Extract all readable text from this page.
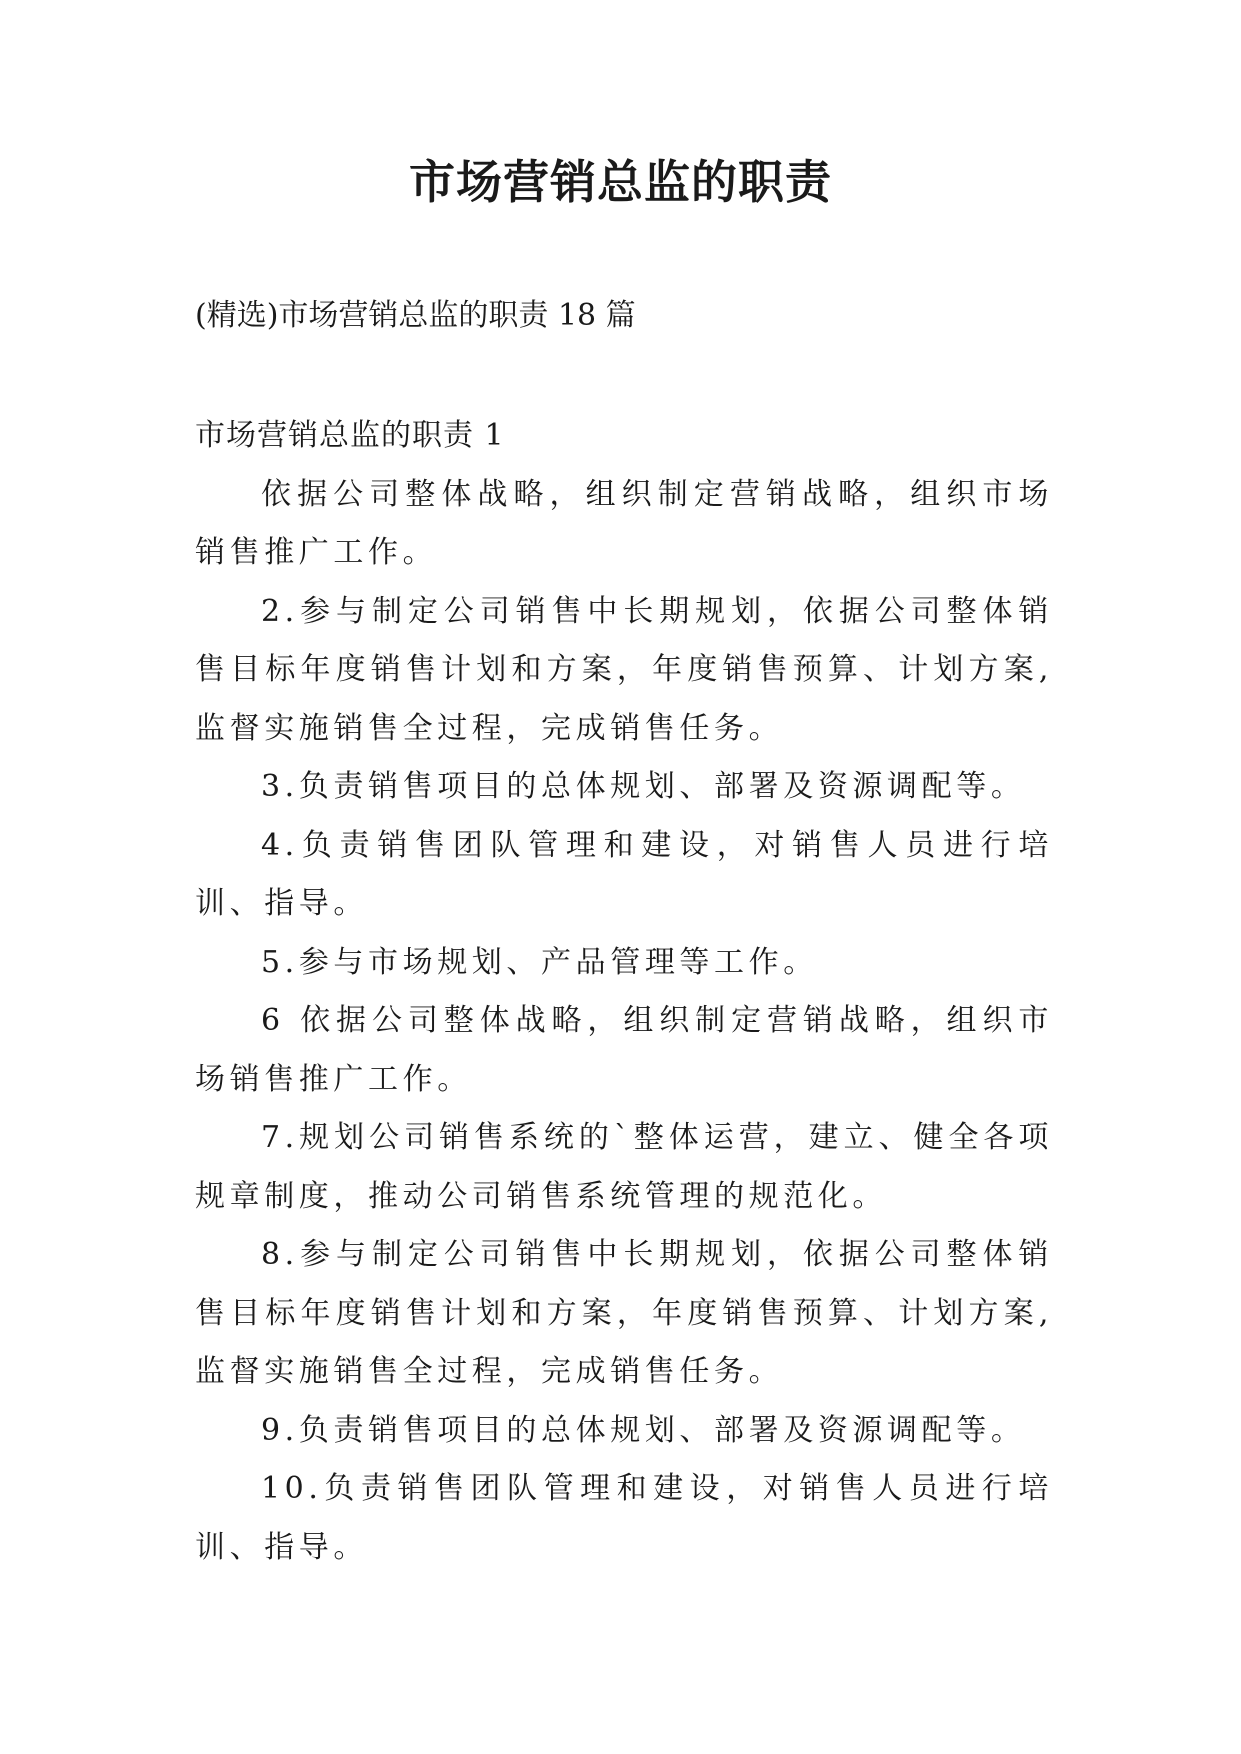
市场营销总监的职责

(精选)市场营销总监的职责 18 篇

市场营销总监的职责 1

依据公司整体战略，组织制定营销战略，组织市场销售推广工作。

2.参与制定公司销售中长期规划，依据公司整体销售目标年度销售计划和方案，年度销售预算、计划方案,监督实施销售全过程，完成销售任务。

3.负责销售项目的总体规划、部署及资源调配等。

4.负责销售团队管理和建设，对销售人员进行培训、指导。

5.参与市场规划、产品管理等工作。

6 依据公司整体战略，组织制定营销战略，组织市场销售推广工作。

7.规划公司销售系统的`整体运营，建立、健全各项规章制度，推动公司销售系统管理的规范化。

8.参与制定公司销售中长期规划，依据公司整体销售目标年度销售计划和方案，年度销售预算、计划方案,监督实施销售全过程，完成销售任务。

9.负责销售项目的总体规划、部署及资源调配等。

10.负责销售团队管理和建设，对销售人员进行培训、指导。
